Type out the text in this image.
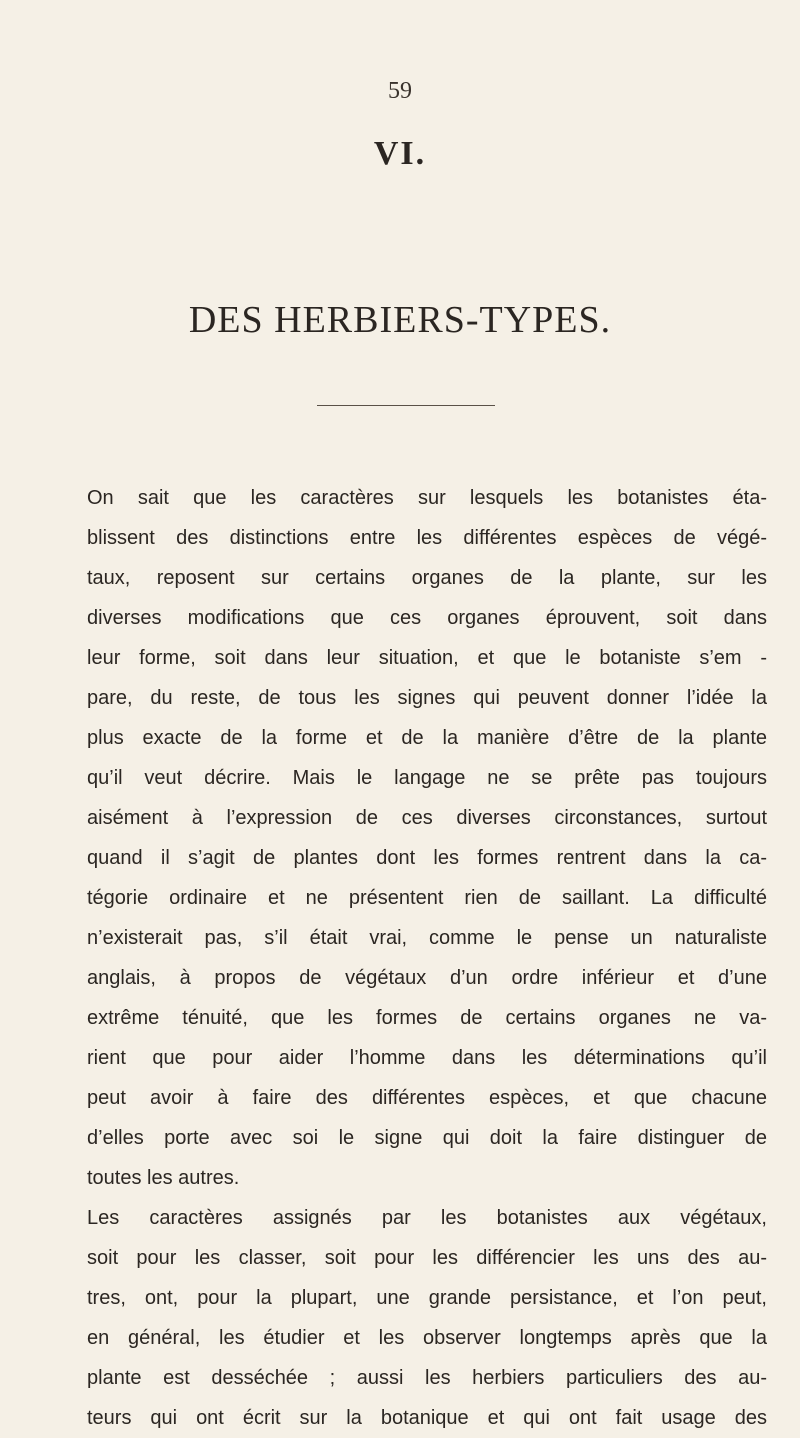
59
VI.
DES HERBIERS-TYPES.
On sait que les caractères sur lesquels les botanistes éta-
blissent des distinctions entre les différentes espèces de végé-
taux, reposent sur certains organes de la plante, sur les
diverses modifications que ces organes éprouvent, soit dans
leur forme, soit dans leur situation, et que le botaniste s’em -
pare, du reste, de tous les signes qui peuvent donner l’idée la
plus exacte de la forme et de la manière d’être de la plante
qu’il veut décrire. Mais le langage ne se prête pas toujours
aisément à l’expression de ces diverses circonstances, surtout
quand il s’agit de plantes dont les formes rentrent dans la ca-
tégorie ordinaire et ne présentent rien de saillant. La difficulté
n’existerait pas, s’il était vrai, comme le pense un naturaliste
anglais, à propos de végétaux d’un ordre inférieur et d’une
extrême ténuité, que les formes de certains organes ne va-
rient que pour aider l’homme dans les déterminations qu’il
peut avoir à faire des différentes espèces, et que chacune
d’elles porte avec soi le signe qui doit la faire distinguer de
toutes les autres.
Les caractères assignés par les botanistes aux végétaux,
soit pour les classer, soit pour les différencier les uns des au-
tres, ont, pour la plupart, une grande persistance, et l’on peut,
en général, les étudier et les observer longtemps après que la
plante est desséchée ; aussi les herbiers particuliers des au-
teurs qui ont écrit sur la botanique et qui ont fait usage des
